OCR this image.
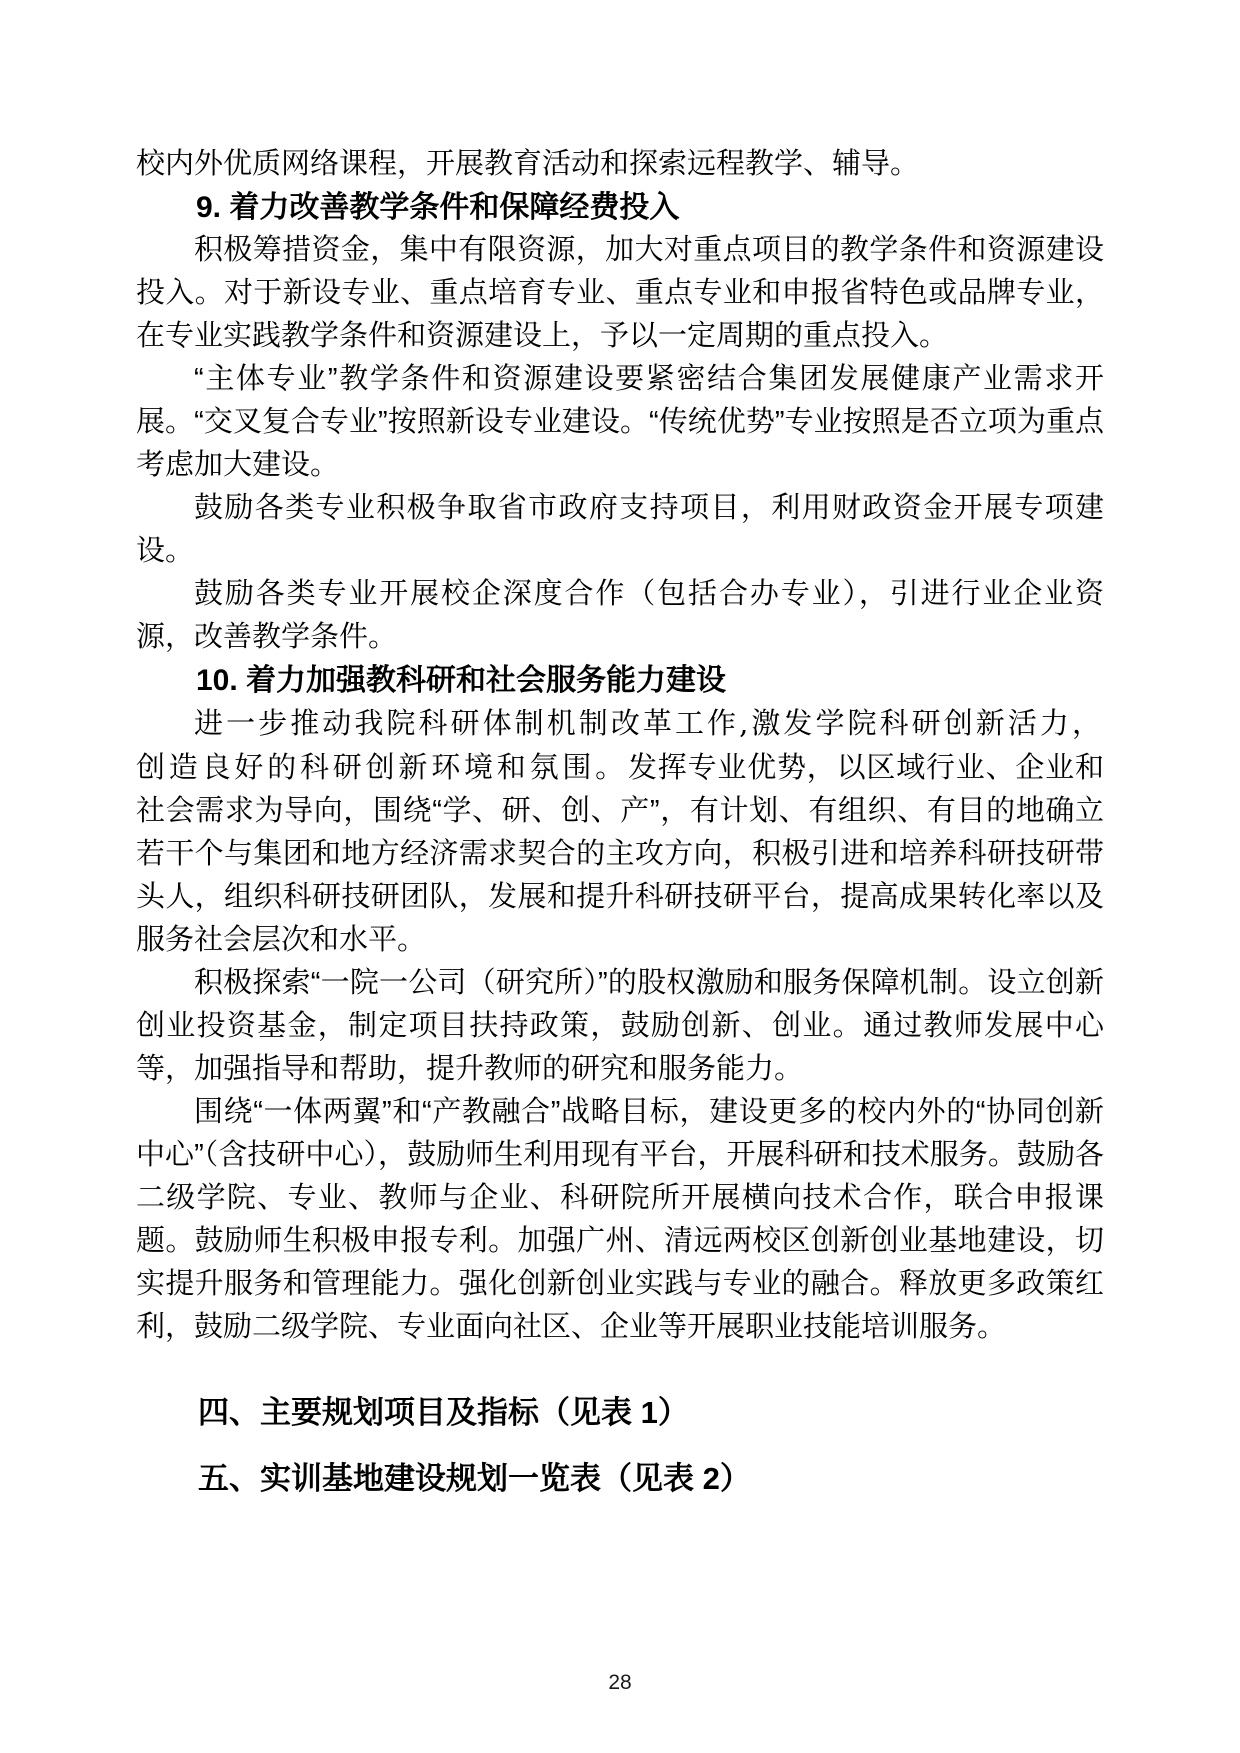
校内外优质网络课程，开展教育活动和探索远程教学、辅导。

9. 着力改善教学条件和保障经费投入

积极筹措资金，集中有限资源，加大对重点项目的教学条件和资源建设投入。对于新设专业、重点培育专业、重点专业和申报省特色或品牌专业，在专业实践教学条件和资源建设上，予以一定周期的重点投入。

“主体专业”教学条件和资源建设要紧密结合集团发展健康产业需求开展。“交叉复合专业”按照新设专业建设。“传统优势”专业按照是否立项为重点考虑加大建设。

鼓励各类专业积极争取省市政府支持项目，利用财政资金开展专项建设。

鼓励各类专业开展校企深度合作（包括合办专业），引进行业企业资源，改善教学条件。

10. 着力加强教科研和社会服务能力建设

进一步推动我院科研体制机制改革工作,激发学院科研创新活力，创造良好的科研创新环境和氛围。发挥专业优势，以区域行业、企业和社会需求为导向，围绕“学、研、创、产”，有计划、有组织、有目的地确立若干个与集团和地方经济需求契合的主攻方向，积极引进和培养科研技研带头人，组织科研技研团队，发展和提升科研技研平台，提高成果转化率以及服务社会层次和水平。

积极探索“一院一公司（研究所）”的股权激励和服务保障机制。设立创新创业投资基金，制定项目扶持政策，鼓励创新、创业。通过教师发展中心等，加强指导和帮助，提升教师的研究和服务能力。

围绕“一体两翼”和“产教融合”战略目标，建设更多的校内外的“协同创新中心”（含技研中心），鼓励师生利用现有平台，开展科研和技术服务。鼓励各二级学院、专业、教师与企业、科研院所开展横向技术合作，联合申报课题。鼓励师生积极申报专利。加强广州、清远两校区创新创业基地建设，切实提升服务和管理能力。强化创新创业实践与专业的融合。释放更多政策红利，鼓励二级学院、专业面向社区、企业等开展职业技能培训服务。

四、主要规划项目及指标（见表 1）

五、实训基地建设规划一览表（见表 2）

28
